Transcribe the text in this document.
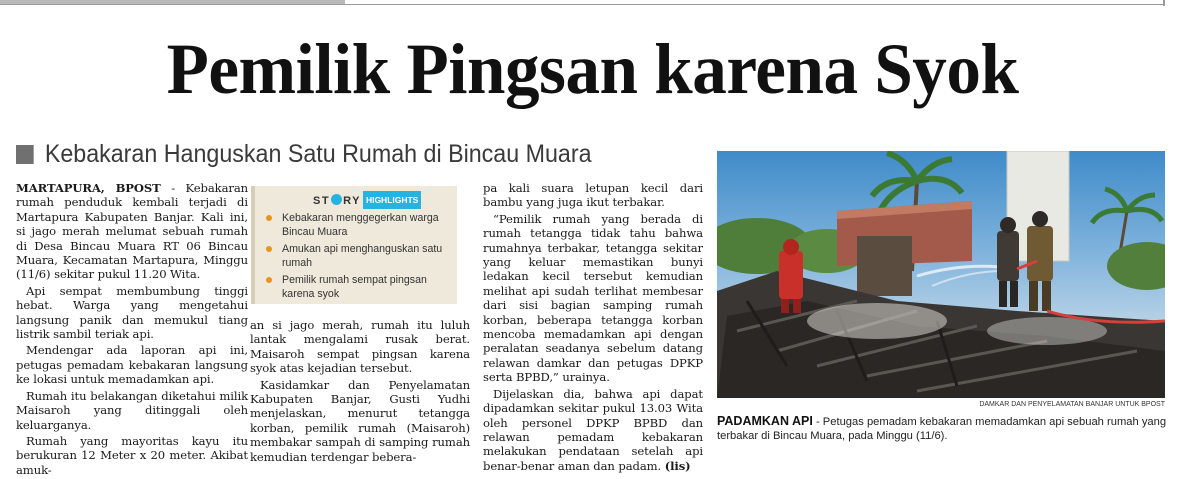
Pemilik Pingsan karena Syok
Kebakaran Hanguskan Satu Rumah di Bincau Muara

MARTAPURA, BPOST - Kebakaran rumah penduduk kembali terjadi di Martapura Kabupaten Banjar. Kali ini, si jago merah melumat sebuah rumah di Desa Bincau Muara RT 06 Bincau Muara, Kecamatan Martapura, Minggu (11/6) sekitar pukul 11.20 Wita.

Api sempat membumbung tinggi hebat. Warga yang mengetahui langsung panik dan memukul tiang listrik sambil teriak api.

Mendengar ada laporan api ini, petugas pemadam kebakaran langsung ke lokasi untuk memadamkan api.

Rumah itu belakangan diketahui milik Maisaroh yang ditinggali oleh keluarganya.

Rumah yang mayoritas kayu itu berukuran 12 Meter x 20 meter. Akibat amuk-

ST RY HIGHLIGHTS
Kebakaran menggegerkan warga Bincau Muara
Amukan api menghanguskan satu rumah
Pemilik rumah sempat pingsan karena syok

an si jago merah, rumah itu luluh lantak mengalami rusak berat. Maisaroh sempat pingsan karena syok atas kejadian tersebut.

Kasidamkar dan Penyelamatan Kabupaten Banjar, Gusti Yudhi menjelaskan, menurut tetangga korban, pemilik rumah (Maisaroh) membakar sampah di samping rumah kemudian terdengar bebera-

pa kali suara letupan kecil dari bambu yang juga ikut terbakar.

“Pemilik rumah yang berada di rumah tetangga tidak tahu bahwa rumahnya terbakar, tetangga sekitar yang keluar memastikan bunyi ledakan kecil tersebut kemudian melihat api sudah terlihat membesar dari sisi bagian samping rumah korban, beberapa tetangga korban mencoba memadamkan api dengan peralatan seadanya sebelum datang relawan damkar dan petugas DPKP serta BPBD,” urainya.

Dijelaskan dia, bahwa api dapat dipadamkan sekitar pukul 13.03 Wita oleh personel DPKP BPBD dan relawan pemadam kebakaran melakukan pendataan setelah api benar-benar aman dan padam. (lis)

DAMKAR DAN PENYELAMATAN BANJAR UNTUK BPOST
PADAMKAN API - Petugas pemadam kebakaran memadamkan api sebuah rumah yang terbakar di Bincau Muara, pada Minggu (11/6).
